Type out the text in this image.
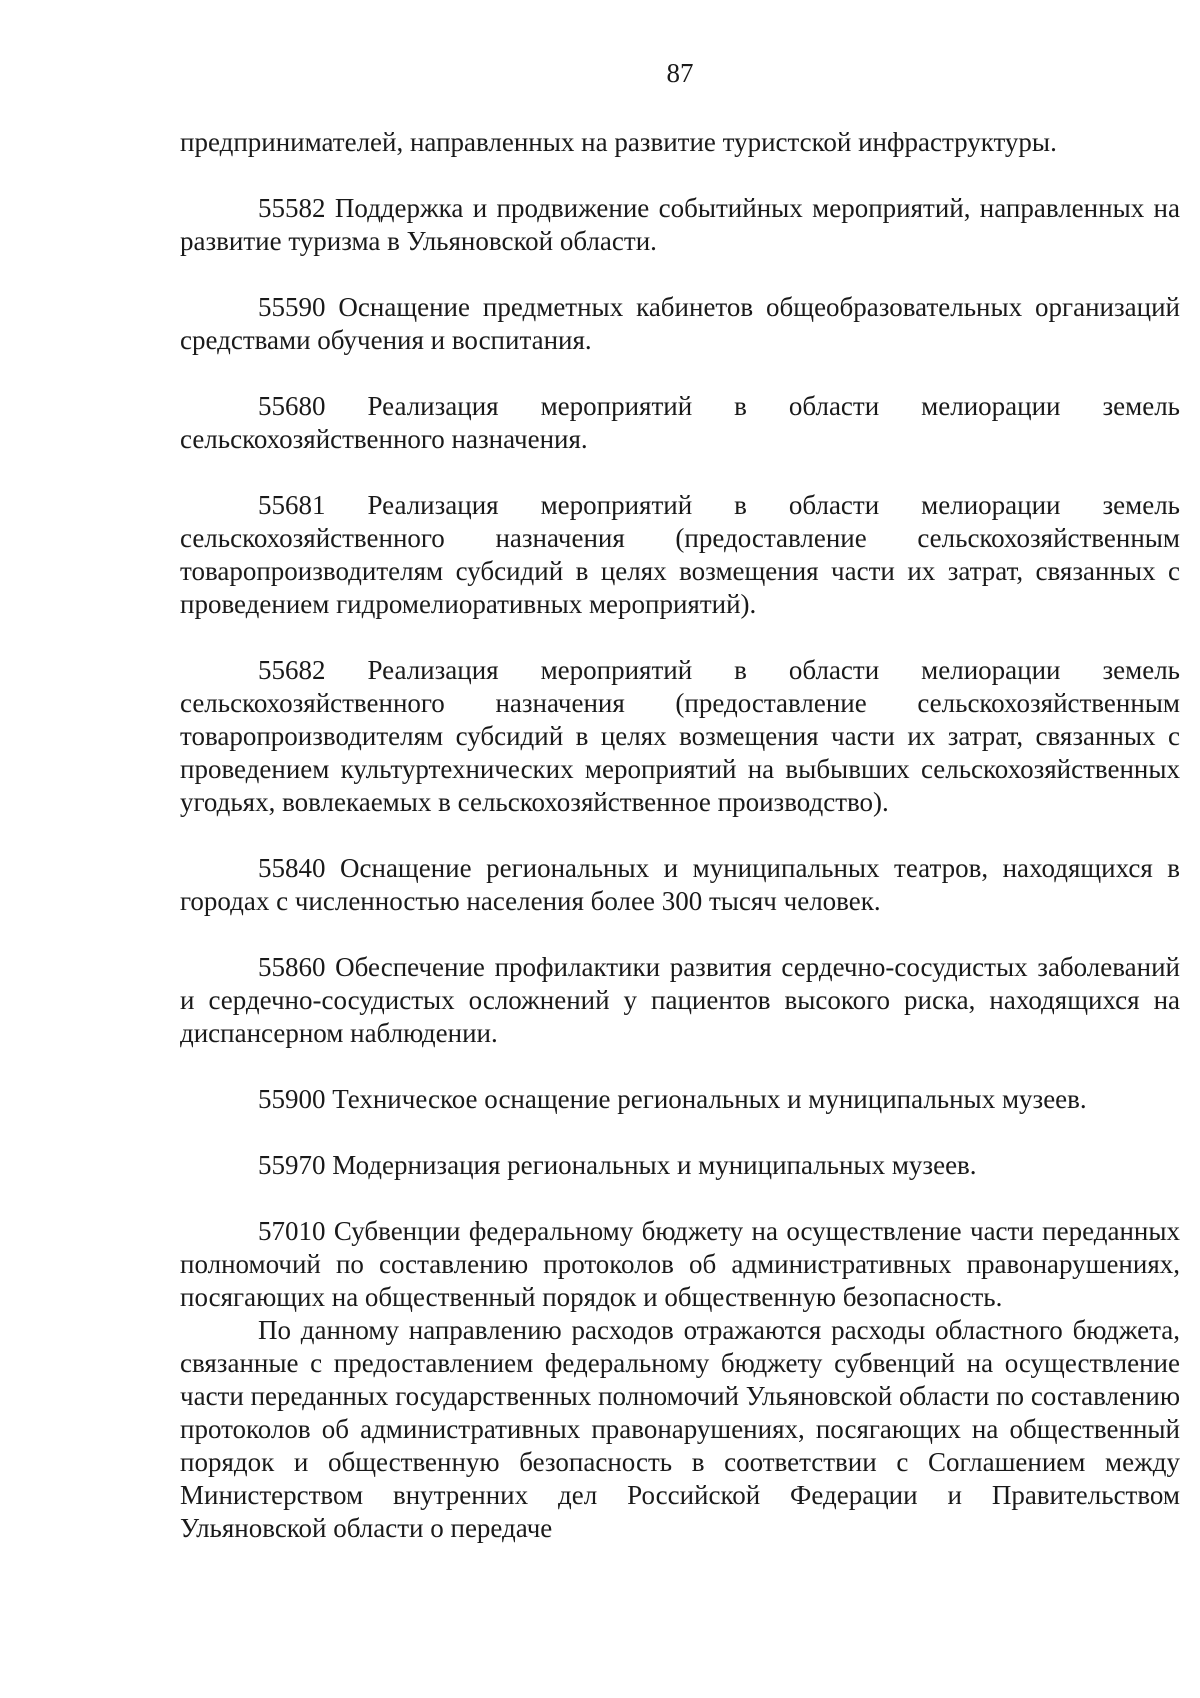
87

предпринимателей, направленных на развитие туристской инфраструктуры.

55582 Поддержка и продвижение событийных мероприятий, направленных на развитие туризма в Ульяновской области.

55590 Оснащение предметных кабинетов общеобразовательных организаций средствами обучения и воспитания.

55680 Реализация мероприятий в области мелиорации земель сельскохозяйственного назначения.

55681 Реализация мероприятий в области мелиорации земель сельскохозяйственного назначения (предоставление сельскохозяйственным товаропроизводителям субсидий в целях возмещения части их затрат, связанных с проведением гидромелиоративных мероприятий).

55682 Реализация мероприятий в области мелиорации земель сельскохозяйственного назначения (предоставление сельскохозяйственным товаропроизводителям субсидий в целях возмещения части их затрат, связанных с проведением культуртехнических мероприятий на выбывших сельскохозяйственных угодьях, вовлекаемых в сельскохозяйственное производство).

55840 Оснащение региональных и муниципальных театров, находящихся в городах с численностью населения более 300 тысяч человек.

55860 Обеспечение профилактики развития сердечно-сосудистых заболеваний и сердечно-сосудистых осложнений у пациентов высокого риска, находящихся на диспансерном наблюдении.

55900 Техническое оснащение региональных и муниципальных музеев.

55970 Модернизация региональных и муниципальных музеев.

57010 Субвенции федеральному бюджету на осуществление части переданных полномочий по составлению протоколов об административных правонарушениях, посягающих на общественный порядок и общественную безопасность.

По данному направлению расходов отражаются расходы областного бюджета, связанные с предоставлением федеральному бюджету субвенций на осуществление части переданных государственных полномочий Ульяновской области по составлению протоколов об административных правонарушениях, посягающих на общественный порядок и общественную безопасность в соответствии с Соглашением между Министерством внутренних дел Российской Федерации и Правительством Ульяновской области о передаче
